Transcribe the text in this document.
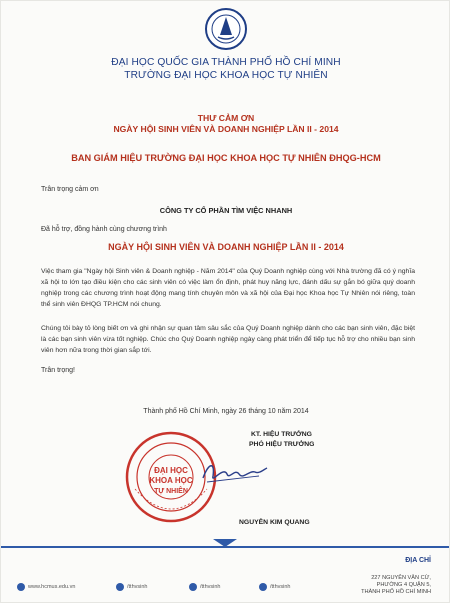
ĐẠI HỌC QUỐC GIA THÀNH PHỐ HỒ CHÍ MINH
TRƯỜNG ĐẠI HỌC KHOA HỌC TỰ NHIÊN
THƯ CẢM ƠN
NGÀY HỘI SINH VIÊN VÀ DOANH NGHIỆP LẦN II - 2014
BAN GIÁM HIỆU TRƯỜNG ĐẠI HỌC KHOA HỌC TỰ NHIÊN ĐHQG-HCM
Trân trọng cảm ơn
CÔNG TY CỔ PHẦN TÌM VIỆC NHANH
Đã hỗ trợ, đồng hành cùng chương trình
NGÀY HỘI SINH VIÊN VÀ DOANH NGHIỆP LẦN II - 2014
Việc tham gia "Ngày hội Sinh viên & Doanh nghiệp - Năm 2014" của Quý Doanh nghiệp cùng với Nhà trường đã có ý nghĩa xã hội to lớn tạo điều kiện cho các sinh viên có việc làm ổn định, phát huy năng lực, đánh dấu sự gắn bó giữa quý doanh nghiệp trong các chương trình hoạt động mang tính chuyên môn và xã hội của Đại học Khoa học Tự Nhiên nói riêng, toàn thể sinh viên ĐHQG TP.HCM nói chung.
Chúng tôi bày tỏ lòng biết ơn và ghi nhận sự quan tâm sâu sắc của Quý Doanh nghiệp dành cho các bạn sinh viên, đặc biệt là các bạn sinh viên vừa tốt nghiệp. Chúc cho Quý Doanh nghiệp ngày càng phát triển để tiếp tục hỗ trợ cho nhiều bạn sinh viên hơn nữa trong thời gian sắp tới.
Trân trọng!
Thành phố Hồ Chí Minh, ngày 26 tháng 10 năm 2014
ĐẠI HỌC
KHOA HỌC
TỰ NHIÊN
KT. HIỆU TRƯỞNG
PHÓ HIỆU TRƯỞNG
NGUYỄN KIM QUANG
www.hcmus.edu.vn	/tthvsinh	/tthvsinh	/tthvsinh
ĐỊA CHỈ
227 NGUYỄN VĂN CỪ,
PHƯỜNG 4 QUẬN 5,
THÀNH PHỐ HỒ CHÍ MINH
